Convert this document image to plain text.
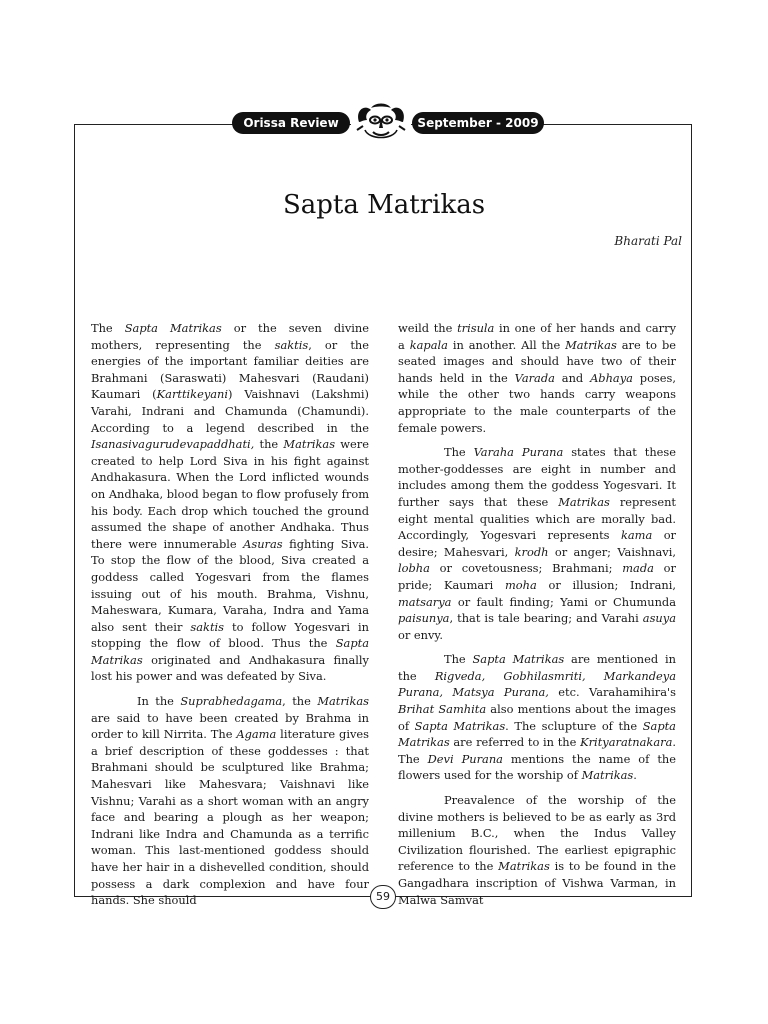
Orissa Review	September - 2009
Sapta Matrikas
Bharati Pal

The Sapta Matrikas or the seven divine mothers, representing the saktis, or the energies of the important familiar deities are Brahmani (Saraswati) Mahesvari (Raudani) Kaumari (Karttikeyani) Vaishnavi (Lakshmi) Varahi, Indrani and Chamunda (Chamundi). According to a legend described in the Isanasivagurudevapaddhati, the Matrikas were created to help Lord Siva in his fight against Andhakasura. When the Lord inflicted wounds on Andhaka, blood began to flow profusely from his body. Each drop which touched the ground assumed the shape of another Andhaka. Thus there were innumerable Asuras fighting Siva. To stop the flow of the blood, Siva created a goddess called Yogesvari from the flames issuing out of his mouth. Brahma, Vishnu, Maheswara, Kumara, Varaha, Indra and Yama also sent their saktis to follow Yogesvari in stopping the flow of blood. Thus the Sapta Matrikas originated and Andhakasura finally lost his power and was defeated by Siva.

In the Suprabhedagama, the Matrikas are said to have been created by Brahma in order to kill Nirrita. The Agama literature gives a brief description of these goddesses : that Brahmani should be sculptured like Brahma; Mahesvari like Mahesvara; Vaishnavi like Vishnu; Varahi as a short woman with an angry face and bearing a plough as her weapon; Indrani like Indra and Chamunda as a terrific woman. This last-mentioned goddess should have her hair in a dishevelled condition, should possess a dark complexion and have four hands. She should

weild the trisula in one of her hands and carry a kapala in another. All the Matrikas are to be seated images and should have two of their hands held in the Varada and Abhaya poses, while the other two hands carry weapons appropriate to the male counterparts of the female powers.

The Varaha Purana states that these mother-goddesses are eight in number and includes among them the goddess Yogesvari. It further says that these Matrikas represent eight mental qualities which are morally bad. Accordingly, Yogesvari represents kama or desire; Mahesvari, krodh or anger; Vaishnavi, lobha or covetousness; Brahmani; mada or pride; Kaumari moha or illusion; Indrani, matsarya or fault finding; Yami or Chumunda paisunya, that is tale bearing; and Varahi asuya or envy.

The Sapta Matrikas are mentioned in the Rigveda, Gobhilasmriti, Markandeya Purana, Matsya Purana, etc. Varahamihira's Brihat Samhita also mentions about the images of Sapta Matrikas. The sclupture of the Sapta Matrikas are referred to in the Krityaratnakara. The Devi Purana mentions the name of the flowers used for the worship of Matrikas.

Preavalence of the worship of the divine mothers is believed to be as early as 3rd millenium B.C., when the Indus Valley Civilization flourished. The earliest epigraphic reference to the Matrikas is to be found in the Gangadhara inscription of Vishwa Varman, in Malwa Samvat

59
